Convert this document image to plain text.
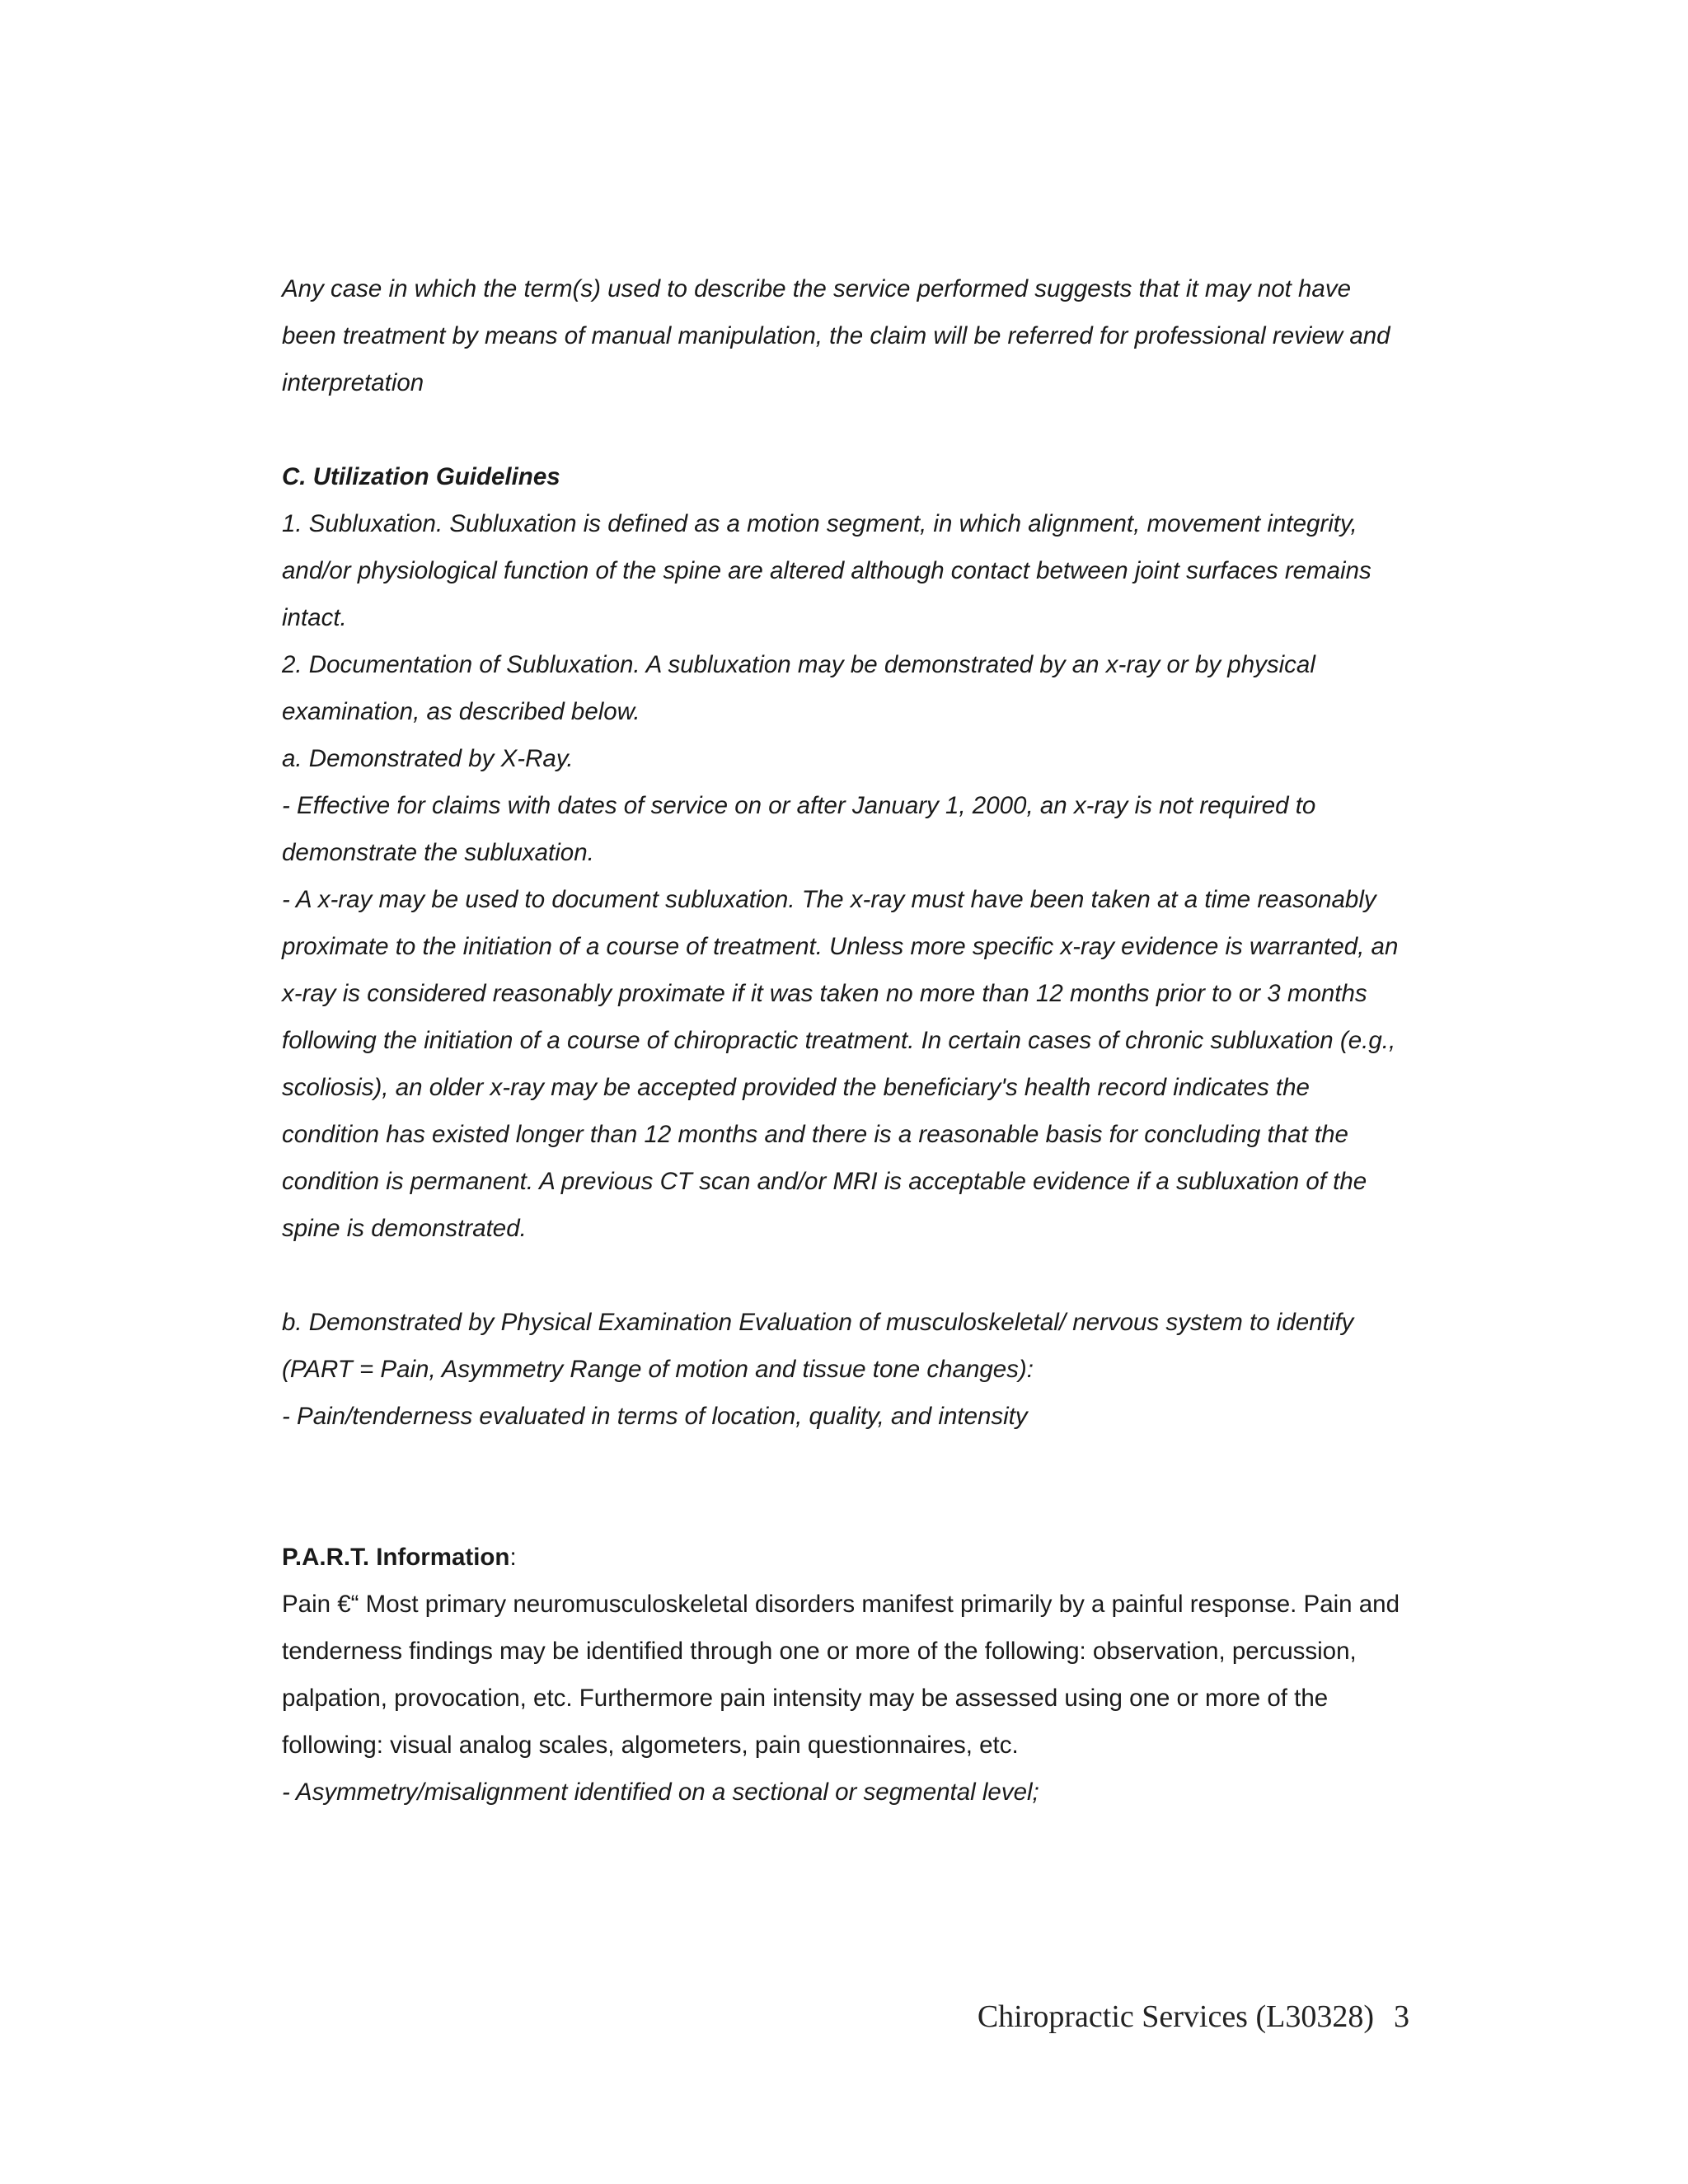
Any case in which the term(s) used to describe the service performed suggests that it may not have been treatment by means of manual manipulation, the claim will be referred for professional review and interpretation

C. Utilization Guidelines

1. Subluxation. Subluxation is defined as a motion segment, in which alignment, movement integrity, and/or physiological function of the spine are altered although contact between joint surfaces remains intact.

2. Documentation of Subluxation. A subluxation may be demonstrated by an x-ray or by physical examination, as described below.

a. Demonstrated by X-Ray.

- Effective for claims with dates of service on or after January 1, 2000, an x-ray is not required to demonstrate the subluxation.

- A x-ray may be used to document subluxation. The x-ray must have been taken at a time reasonably proximate to the initiation of a course of treatment. Unless more specific x-ray evidence is warranted, an x-ray is considered reasonably proximate if it was taken no more than 12 months prior to or 3 months following the initiation of a course of chiropractic treatment. In certain cases of chronic subluxation (e.g., scoliosis), an older x-ray may be accepted provided the beneficiary's health record indicates the condition has existed longer than 12 months and there is a reasonable basis for concluding that the condition is permanent. A previous CT scan and/or MRI is acceptable evidence if a subluxation of the spine is demonstrated.

b. Demonstrated by Physical Examination Evaluation of musculoskeletal/ nervous system to identify (PART = Pain, Asymmetry Range of motion and tissue tone changes):

- Pain/tenderness evaluated in terms of location, quality, and intensity

P.A.R.T. Information:

Pain €“ Most primary neuromusculoskeletal disorders manifest primarily by a painful response. Pain and tenderness findings may be identified through one or more of the following: observation, percussion, palpation, provocation, etc. Furthermore pain intensity may be assessed using one or more of the following: visual analog scales, algometers, pain questionnaires, etc.

- Asymmetry/misalignment identified on a sectional or segmental level;

Chiropractic Services (L30328) 3
